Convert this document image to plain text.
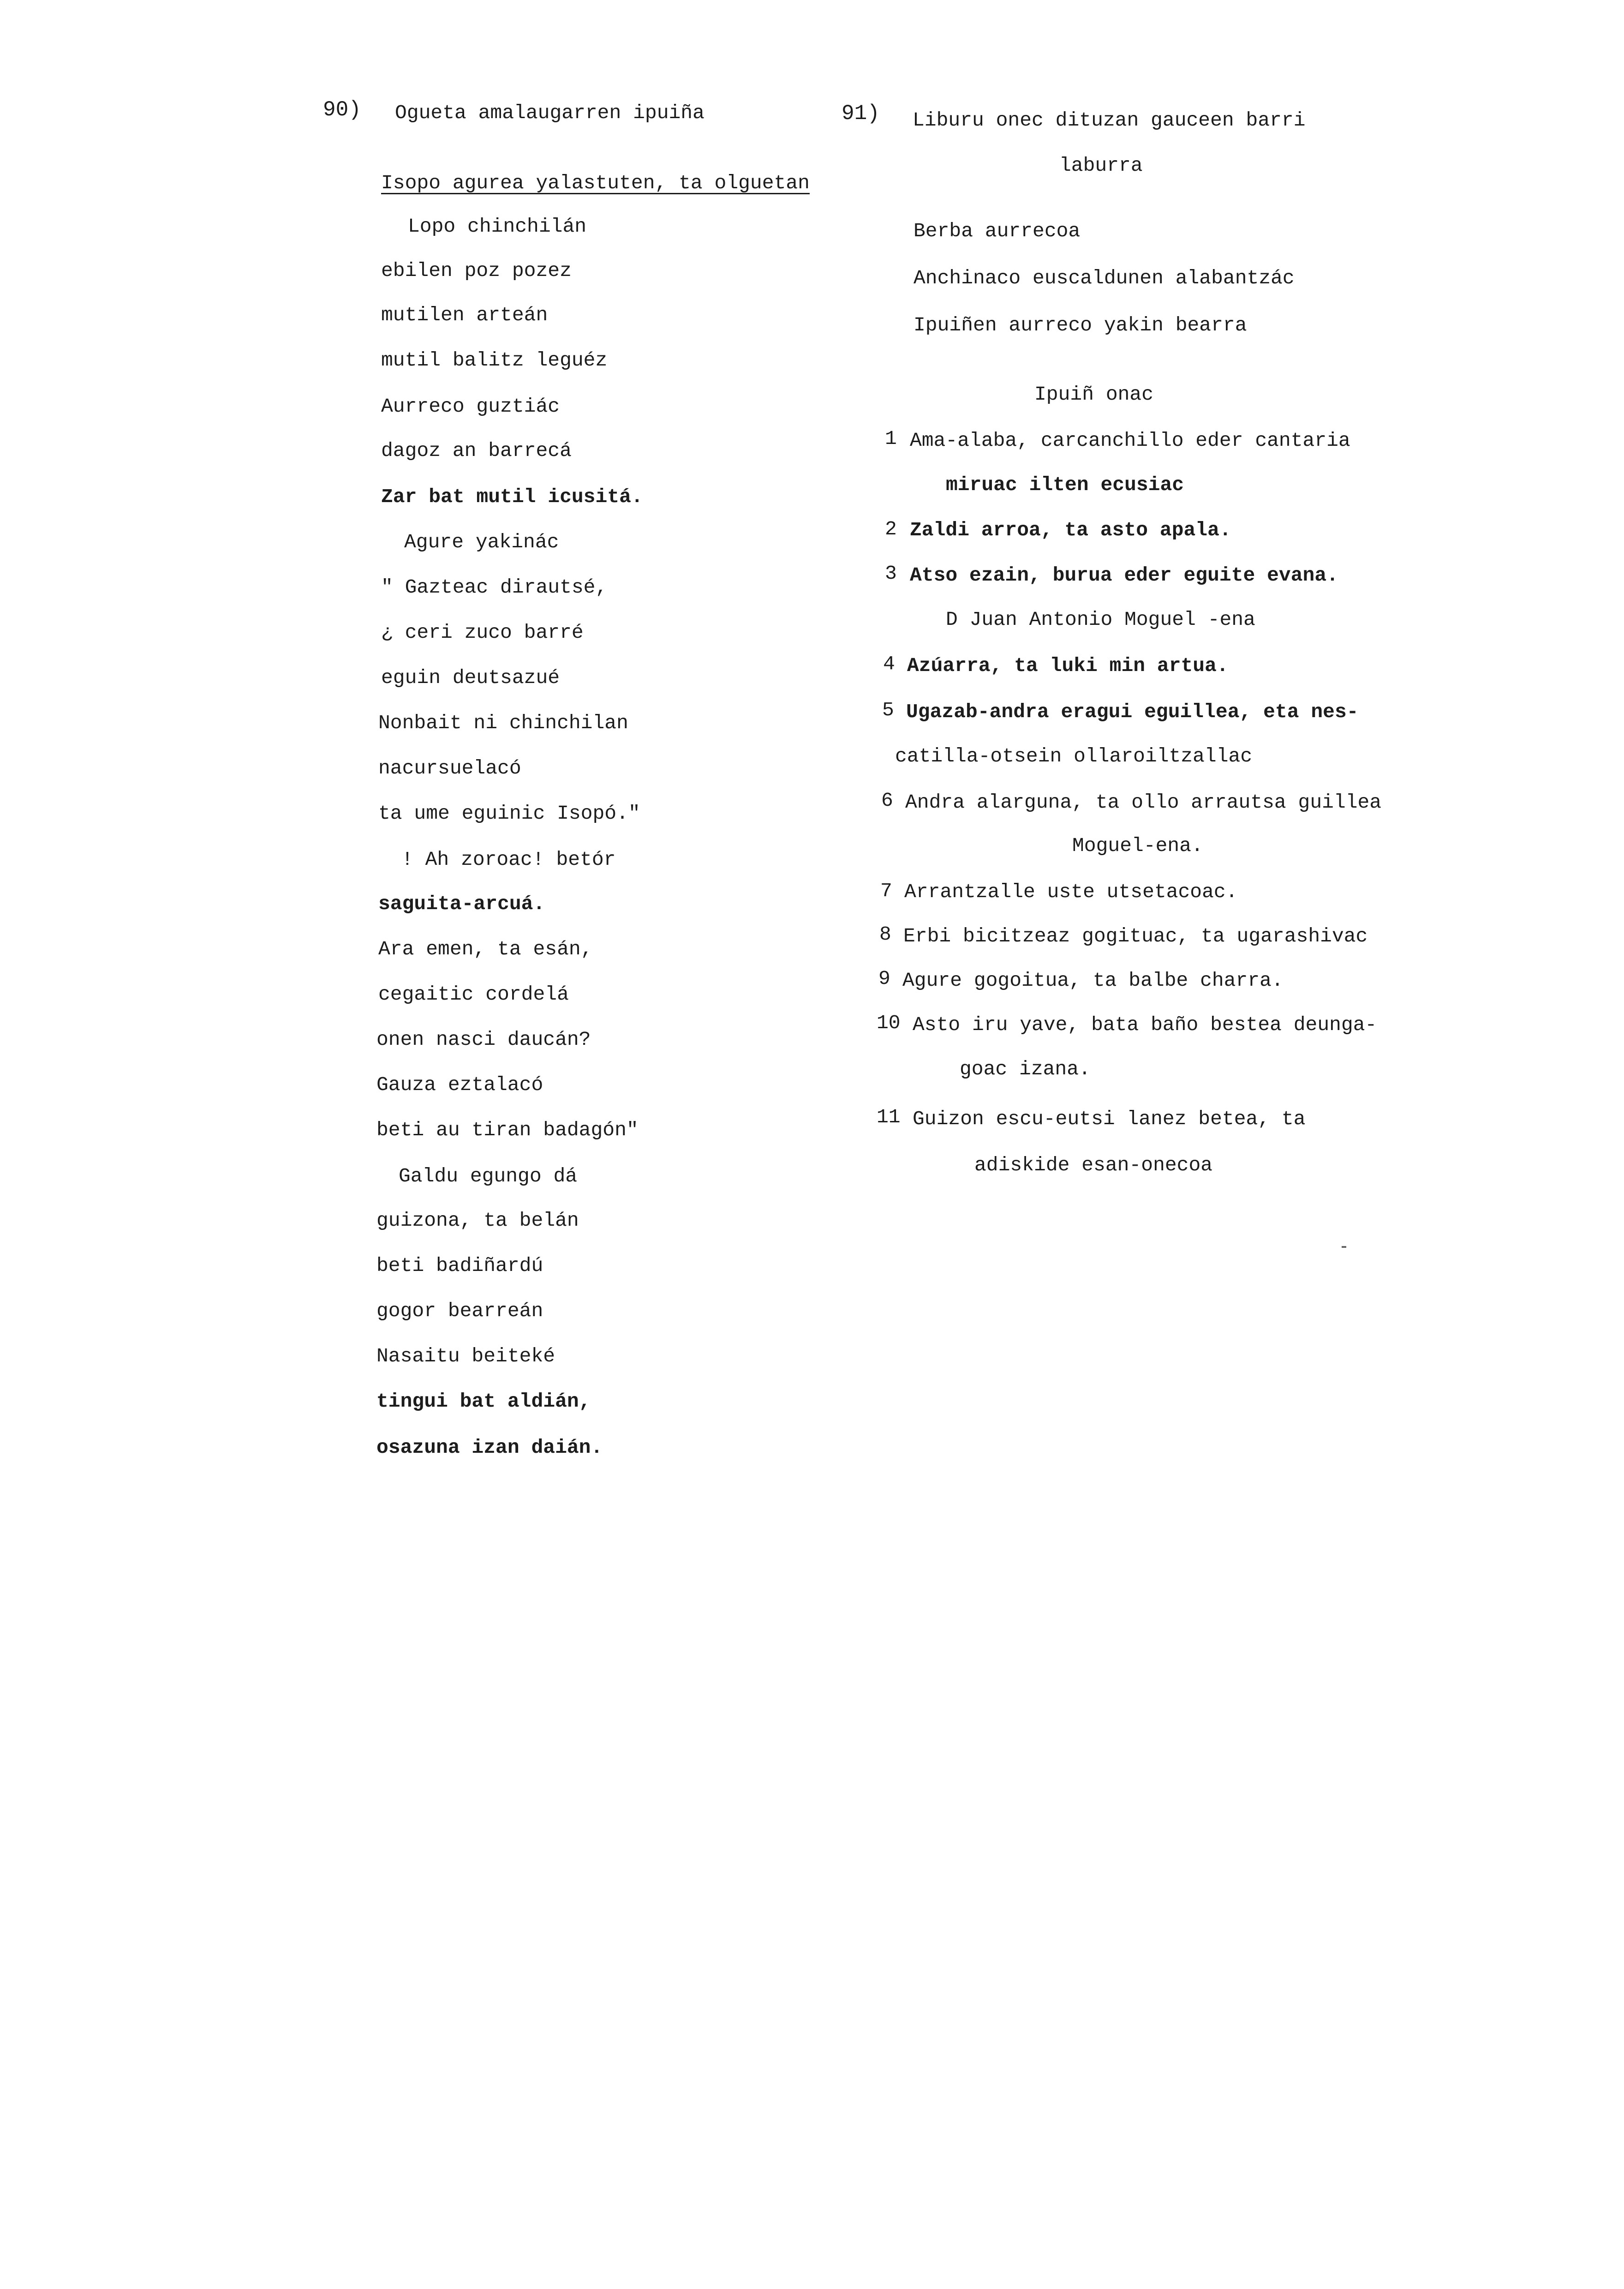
90) Ogueta amalaugarren ipuiña
Isopo agurea yalastuten, ta olguetan
Lopo chinchilán
ebilen poz pozez
mutilen arteán
mutil balitz leguéz
Aurreco guztiác
dagoz an barrecá
Zar bat mutil icusitá.
Agure yakinác
" Gazteac dirautsé,
¿ ceri zuco barré
eguin deutsazué
Nonbait ni chinchilan
nacursuelacó
ta ume eguinic Isopó."
! Ah zoroac! betór
saguita-arcuá.
Ara emen, ta esán,
cegaitic cordelá
onen nasci daucán?
Gauza eztalacó
beti au tiran badagón"
Galdu egungo dá
guizona, ta belán
beti badiñardú
gogor bearreán
Nasaitu beiteké
tingui bat aldián,
osazuna izan daián.
91) Liburu onec dituzan gauceen barri
laburra
Berba aurrecoa
Anchinaco euscaldunen alabantzác
Ipuiñen aurreco yakin bearra
Ipuiñ onac
1 Ama-alaba, carcanchillo eder cantaria
miruac ilten ecusiac
2 Zaldi arroa, ta asto apala.
3 Atso ezain, burua eder eguite evana.
D Juan Antonio Moguel -ena
4 Azúarra, ta luki min artua.
5 Ugazab-andra eragui eguillea, eta nes-
catilla-otsein ollaroiltzallac
6 Andra alarguna, ta ollo arrautsa guillea
Moguel-ena.
7 Arrantzalle uste utsetacoac.
8 Erbi bicitzeaz gogituac, ta ugarashivac
9 Agure gogoitua, ta balbe charra.
10 Asto iru yave, bata baño bestea deunga-
goac izana.
11 Guizon escu-eutsi lanez betea, ta
adiskide esan-onecoa
